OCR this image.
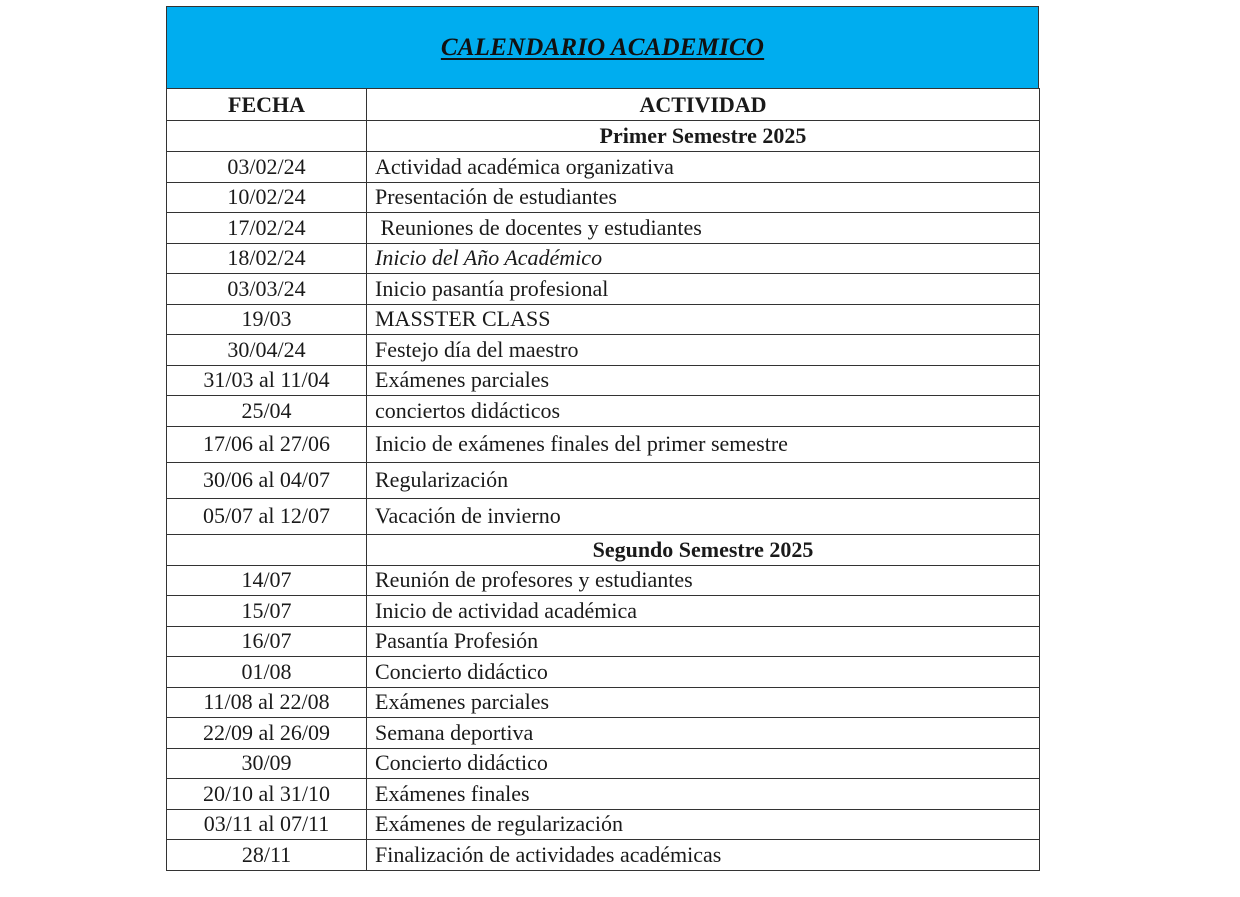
CALENDARIO ACADEMICO
FECHA	ACTIVIDAD
	Primer Semestre 2025
03/02/24	Actividad académica organizativa
10/02/24	Presentación de estudiantes
17/02/24	Reuniones de docentes y estudiantes
18/02/24	Inicio del Año Académico
03/03/24	Inicio pasantía profesional
19/03	MASSTER CLASS
30/04/24	Festejo día del maestro
31/03 al 11/04	Exámenes parciales
25/04	conciertos didácticos
17/06 al 27/06	Inicio de exámenes finales del primer semestre
30/06 al 04/07	Regularización
05/07 al 12/07	Vacación de invierno
	Segundo Semestre 2025
14/07	Reunión de profesores y estudiantes
15/07	Inicio de actividad académica
16/07	Pasantía Profesión
01/08	Concierto didáctico
11/08 al 22/08	Exámenes parciales
22/09 al 26/09	Semana deportiva
30/09	Concierto didáctico
20/10 al 31/10	Exámenes finales
03/11 al 07/11	Exámenes de regularización
28/11	Finalización de actividades académicas
